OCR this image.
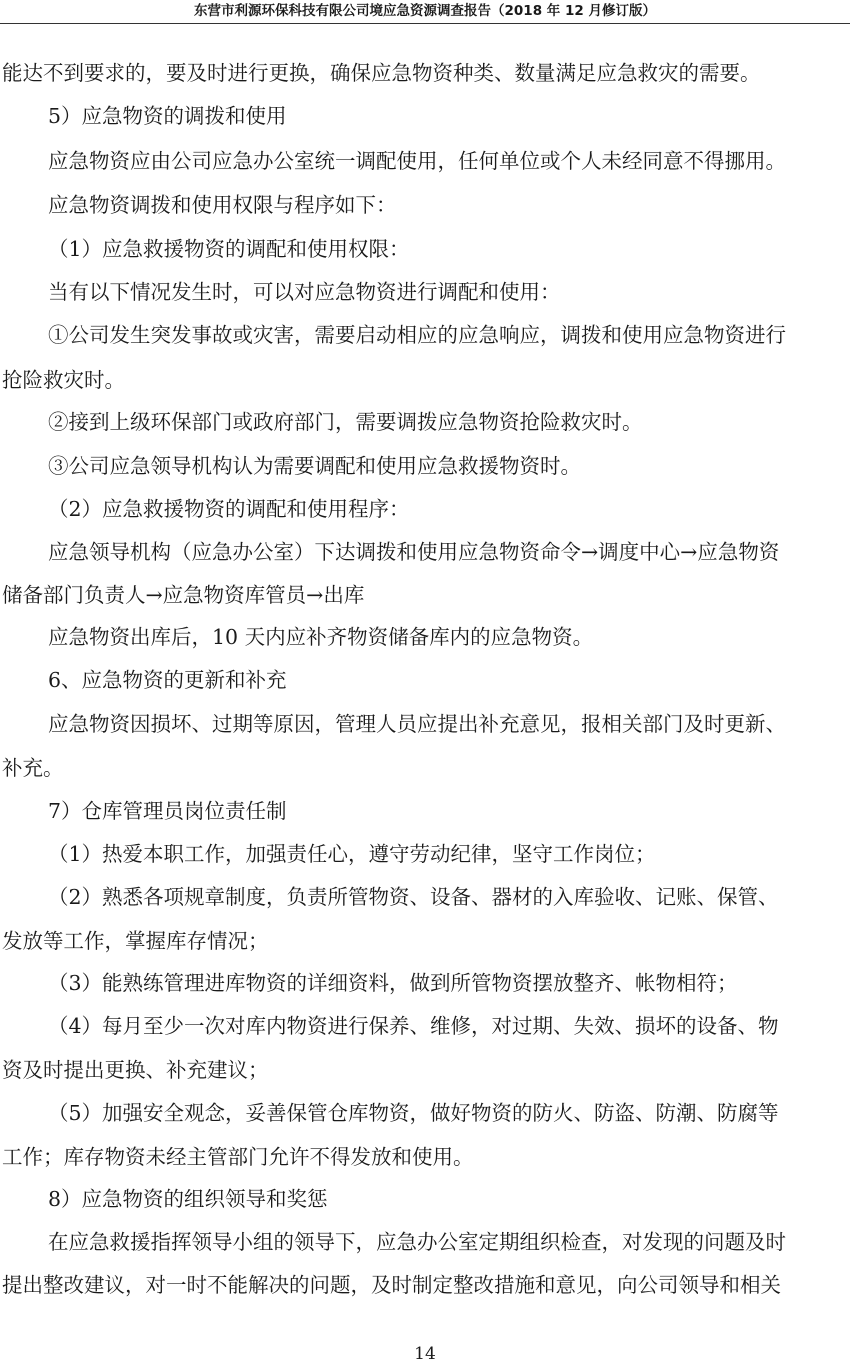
东营市利源环保科技有限公司境应急资源调查报告（2018 年 12 月修订版）
能达不到要求的，要及时进行更换，确保应急物资种类、数量满足应急救灾的需要。
5）应急物资的调拨和使用
应急物资应由公司应急办公室统一调配使用，任何单位或个人未经同意不得挪用。
应急物资调拨和使用权限与程序如下：
（1）应急救援物资的调配和使用权限：
当有以下情况发生时，可以对应急物资进行调配和使用：
①公司发生突发事故或灾害，需要启动相应的应急响应，调拨和使用应急物资进行
抢险救灾时。
②接到上级环保部门或政府部门，需要调拨应急物资抢险救灾时。
③公司应急领导机构认为需要调配和使用应急救援物资时。
（2）应急救援物资的调配和使用程序：
应急领导机构（应急办公室）下达调拨和使用应急物资命令→调度中心→应急物资
储备部门负责人→应急物资库管员→出库
应急物资出库后，10 天内应补齐物资储备库内的应急物资。
6、应急物资的更新和补充
应急物资因损坏、过期等原因，管理人员应提出补充意见，报相关部门及时更新、
补充。
7）仓库管理员岗位责任制
（1）热爱本职工作，加强责任心，遵守劳动纪律，坚守工作岗位；
（2）熟悉各项规章制度，负责所管物资、设备、器材的入库验收、记账、保管、
发放等工作，掌握库存情况；
（3）能熟练管理进库物资的详细资料，做到所管物资摆放整齐、帐物相符；
（4）每月至少一次对库内物资进行保养、维修，对过期、失效、损坏的设备、物
资及时提出更换、补充建议；
（5）加强安全观念，妥善保管仓库物资，做好物资的防火、防盗、防潮、防腐等
工作；库存物资未经主管部门允许不得发放和使用。
8）应急物资的组织领导和奖惩
在应急救援指挥领导小组的领导下，应急办公室定期组织检查，对发现的问题及时
提出整改建议，对一时不能解决的问题，及时制定整改措施和意见，向公司领导和相关
14
